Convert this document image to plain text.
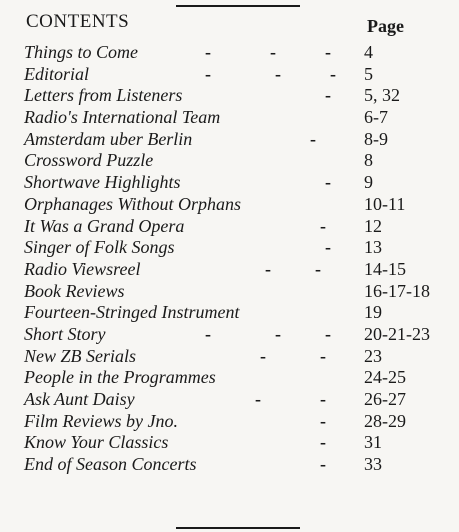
CONTENTS	Page
Things to Come	-	-	- 4
Editorial	-	-	- 5
Letters from Listeners	- 5, 32
Radio's International Team	6-7
Amsterdam uber Berlin	-	8-9
Crossword Puzzle	8
Shortwave Highlights	- 9
Orphanages Without Orphans	10-11
It Was a Grand Opera	- 12
Singer of Folk Songs	- 13
Radio Viewsreel	- - 14-15
Book Reviews	16-17-18
Fourteen-Stringed Instrument	19
Short Story	-	- - 20-21-23
New ZB Serials	-	- 23
People in the Programmes	24-25
Ask Aunt Daisy	-	- 26-27
Film Reviews by Jno.	- 28-29
Know Your Classics	- 31
End of Season Concerts	- 33
